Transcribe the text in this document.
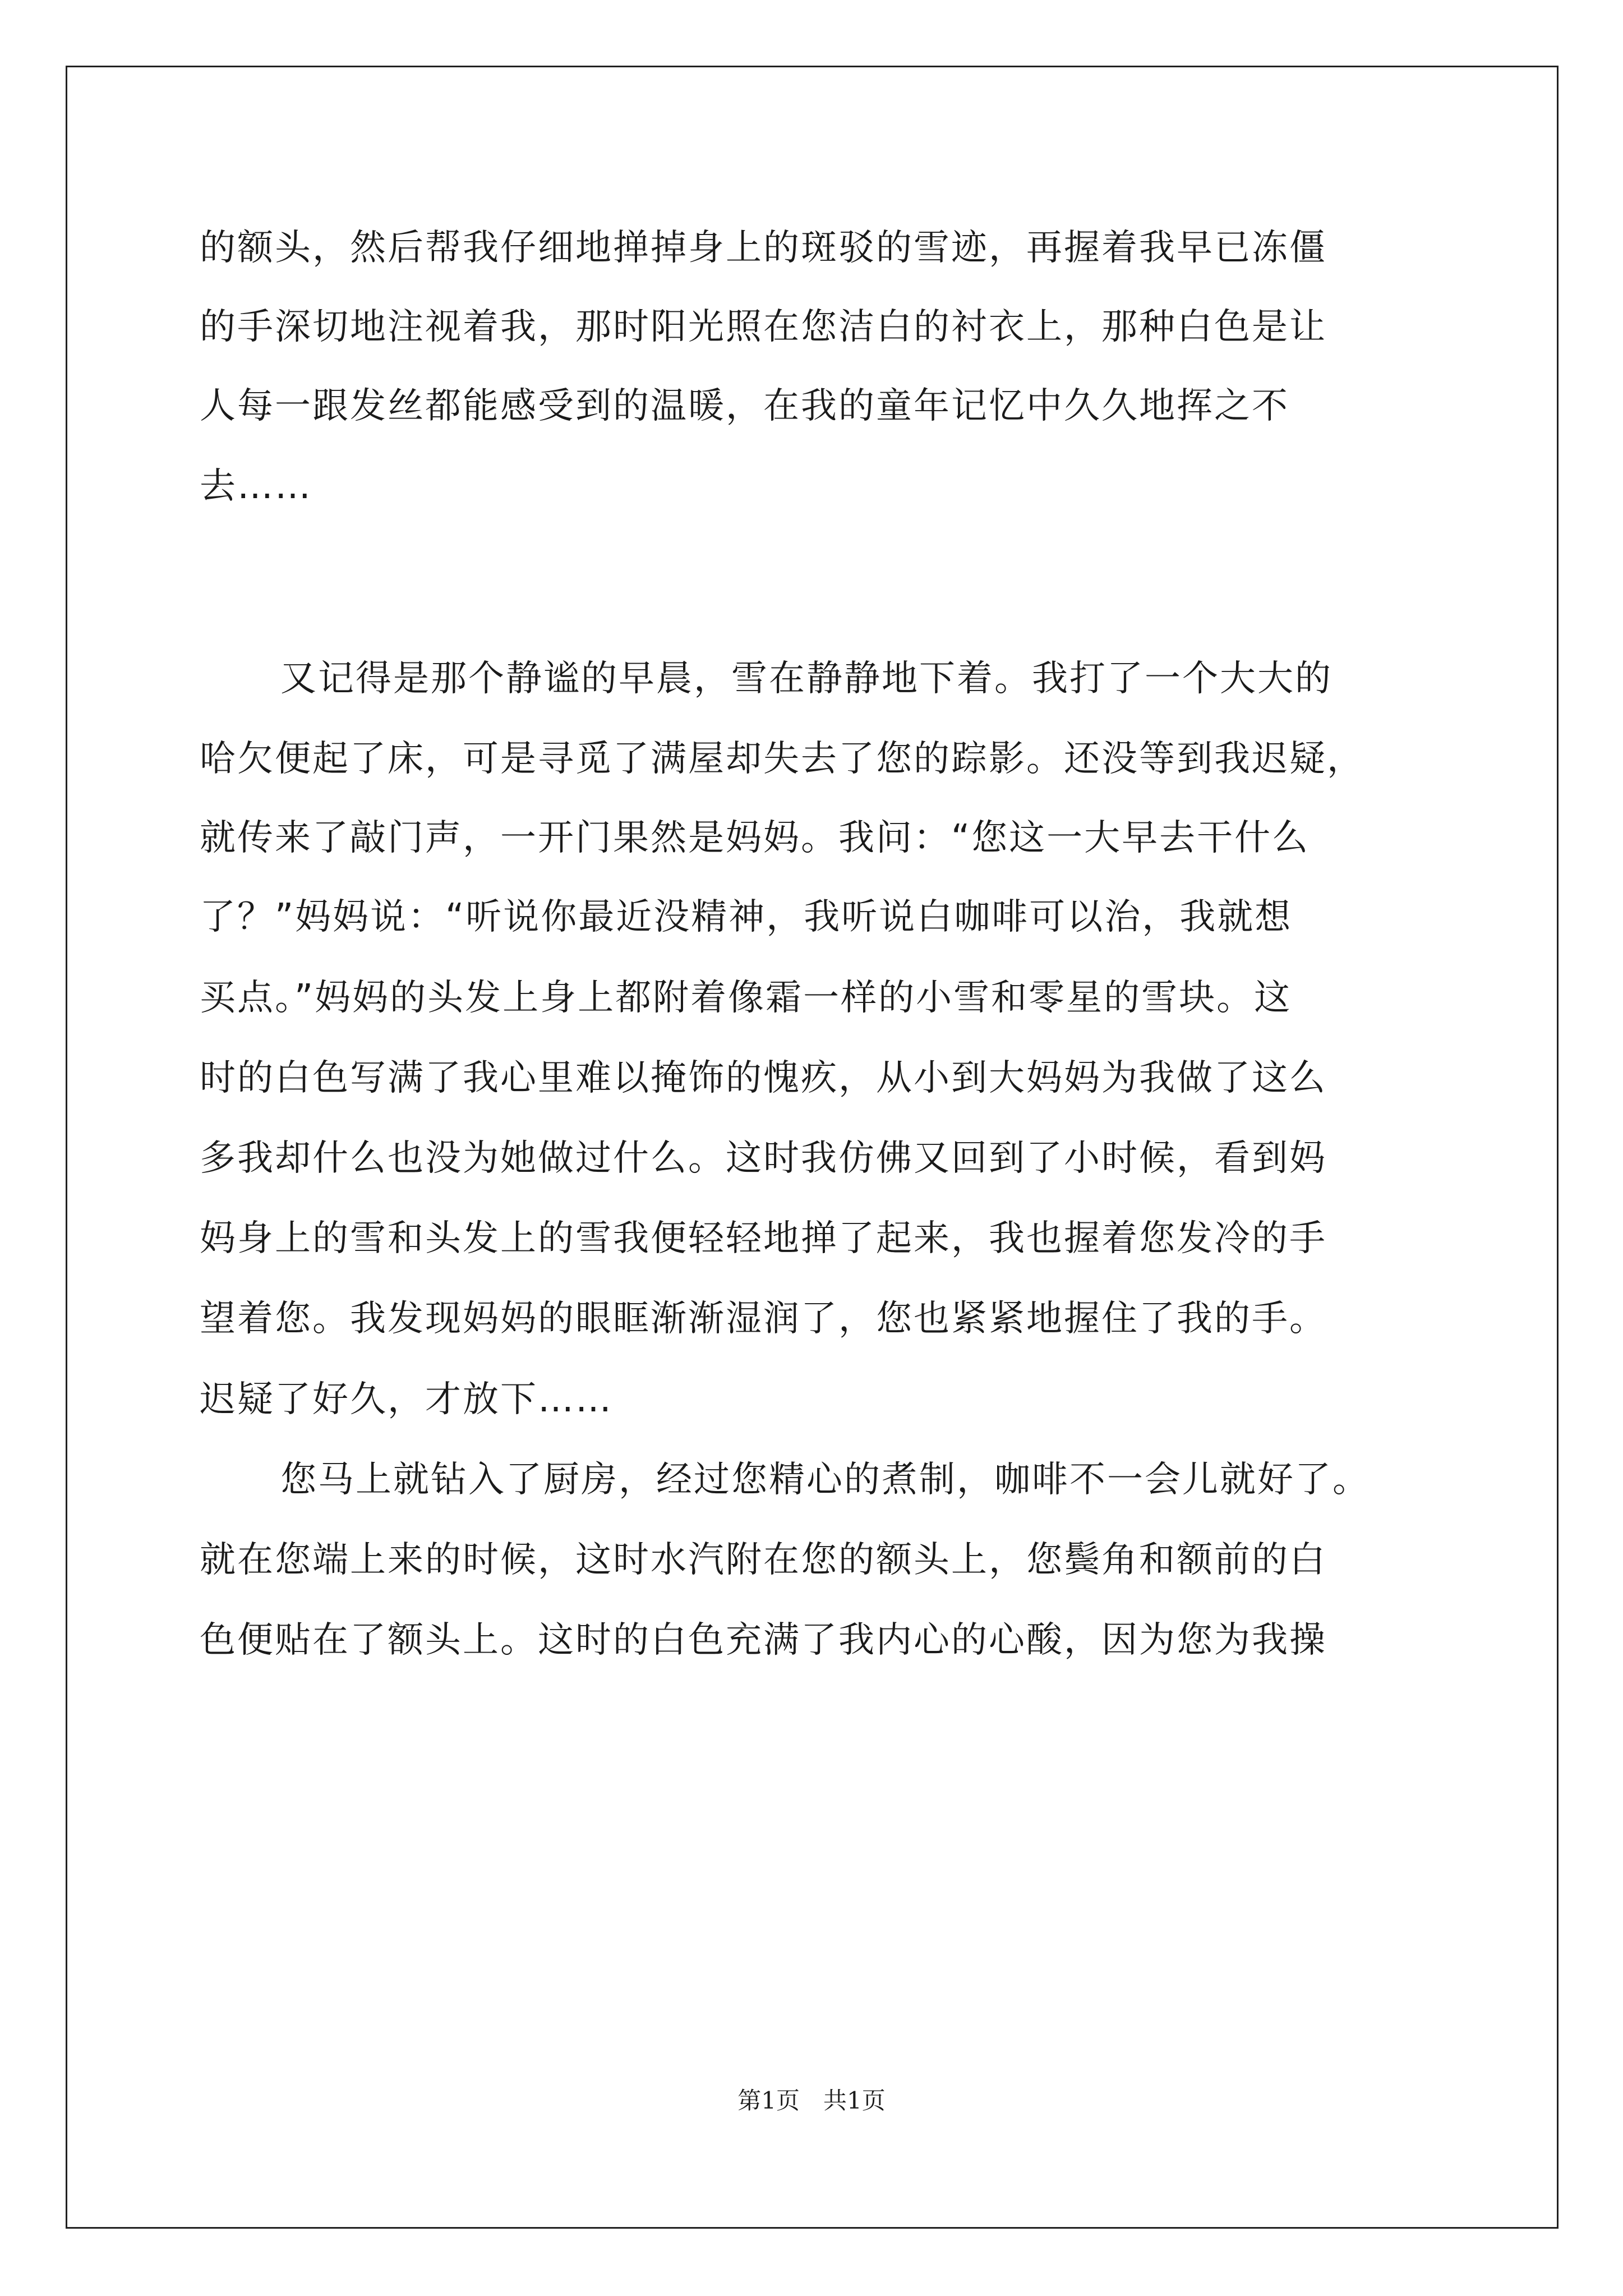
的额头，然后帮我仔细地掸掉身上的斑驳的雪迹，再握着我早已冻僵

的手深切地注视着我，那时阳光照在您洁白的衬衣上，那种白色是让

人每一跟发丝都能感受到的温暖，在我的童年记忆中久久地挥之不

去……

又记得是那个静谧的早晨，雪在静静地下着。我打了一个大大的

哈欠便起了床，可是寻觅了满屋却失去了您的踪影。还没等到我迟疑，

就传来了敲门声，一开门果然是妈妈。我问：“您这一大早去干什么

了？”妈妈说：“听说你最近没精神，我听说白咖啡可以治，我就想

买点。”妈妈的头发上身上都附着像霜一样的小雪和零星的雪块。这

时的白色写满了我心里难以掩饰的愧疚，从小到大妈妈为我做了这么

多我却什么也没为她做过什么。这时我仿佛又回到了小时候，看到妈

妈身上的雪和头发上的雪我便轻轻地掸了起来，我也握着您发冷的手

望着您。我发现妈妈的眼眶渐渐湿润了，您也紧紧地握住了我的手。

迟疑了好久，才放下……

您马上就钻入了厨房，经过您精心的煮制，咖啡不一会儿就好了。

就在您端上来的时候，这时水汽附在您的额头上，您鬓角和额前的白

色便贴在了额头上。这时的白色充满了我内心的心酸，因为您为我操

第1页　共1页
